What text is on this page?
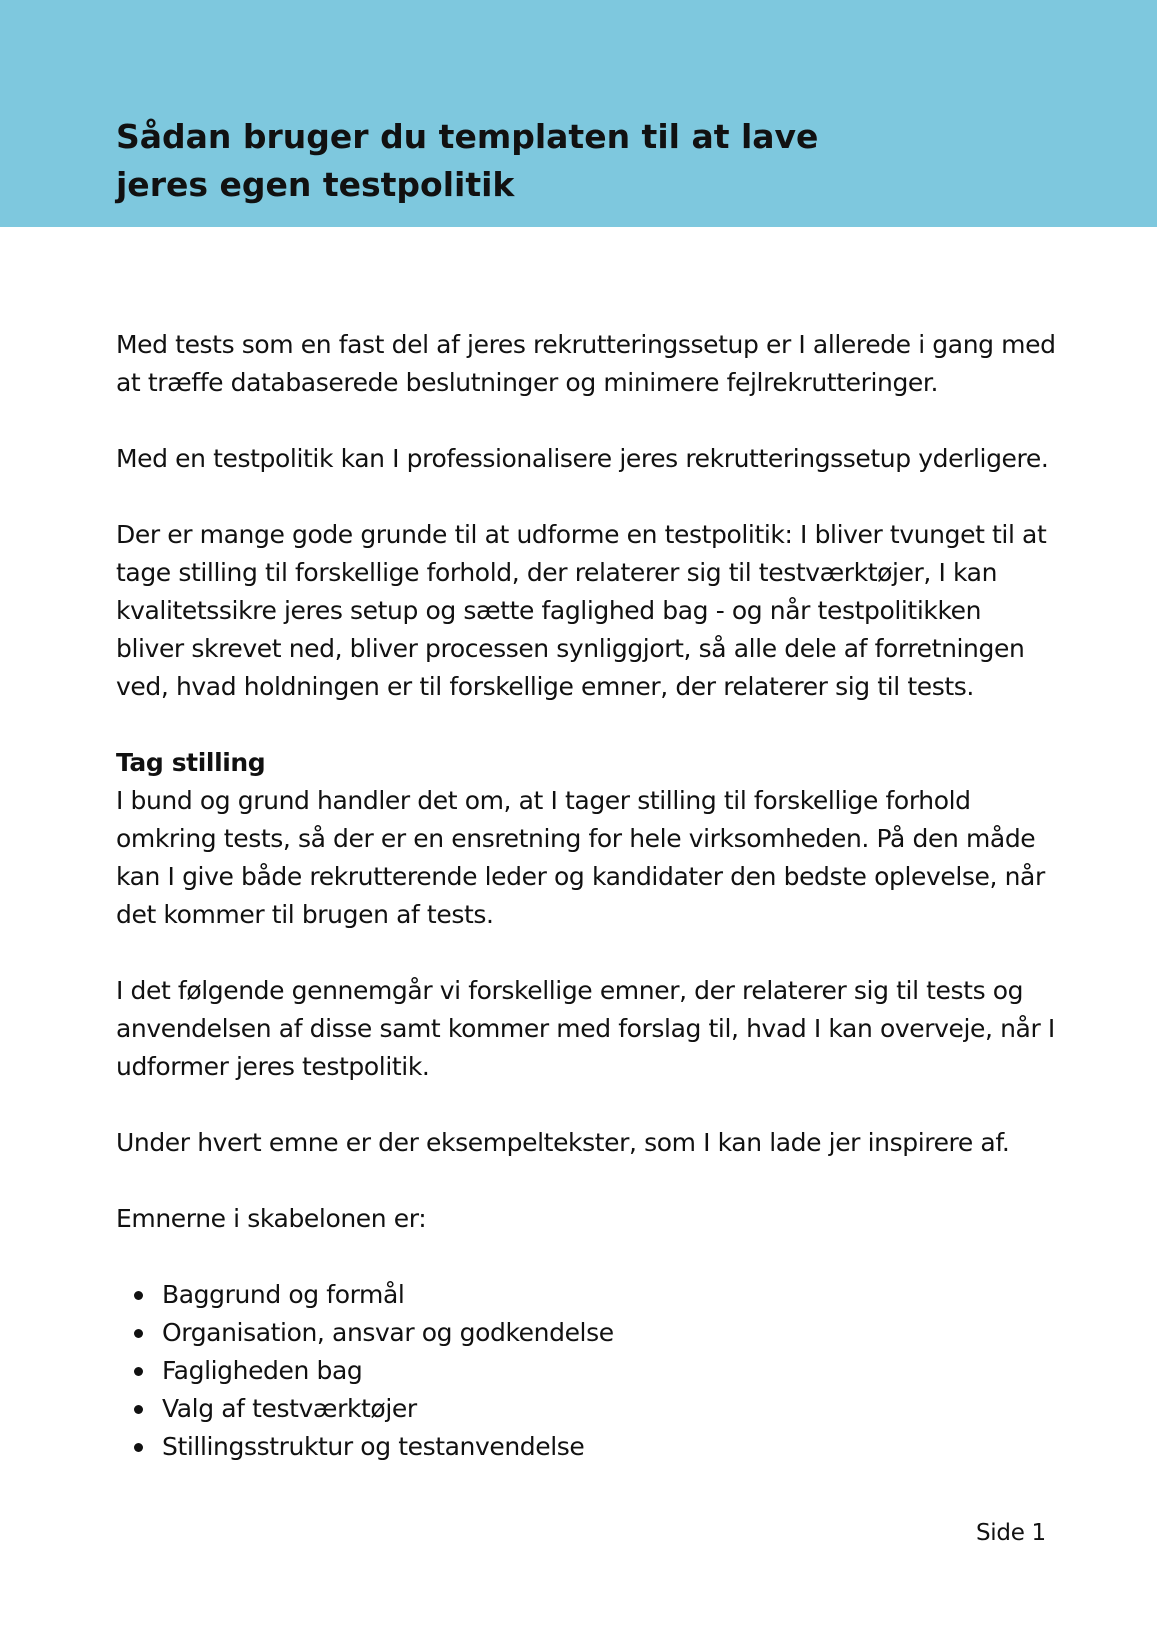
Sådan bruger du templaten til at lave
jeres egen testpolitik

Med tests som en fast del af jeres rekrutteringssetup er I allerede i gang med at træffe databaserede beslutninger og minimere fejlrekrutteringer.

Med en testpolitik kan I professionalisere jeres rekrutteringssetup yderligere.

Der er mange gode grunde til at udforme en testpolitik: I bliver tvunget til at tage stilling til forskellige forhold, der relaterer sig til testværktøjer, I kan kvalitetssikre jeres setup og sætte faglighed bag - og når testpolitikken bliver skrevet ned, bliver processen synliggjort, så alle dele af forretningen ved, hvad holdningen er til forskellige emner, der relaterer sig til tests.

Tag stilling
I bund og grund handler det om, at I tager stilling til forskellige forhold omkring tests, så der er en ensretning for hele virksomheden. På den måde kan I give både rekrutterende leder og kandidater den bedste oplevelse, når det kommer til brugen af tests.

I det følgende gennemgår vi forskellige emner, der relaterer sig til tests og anvendelsen af disse samt kommer med forslag til, hvad I kan overveje, når I udformer jeres testpolitik.

Under hvert emne er der eksempeltekster, som I kan lade jer inspirere af.

Emnerne i skabelonen er:

Baggrund og formål
Organisation, ansvar og godkendelse
Fagligheden bag
Valg af testværktøjer
Stillingsstruktur og testanvendelse
Side 1
